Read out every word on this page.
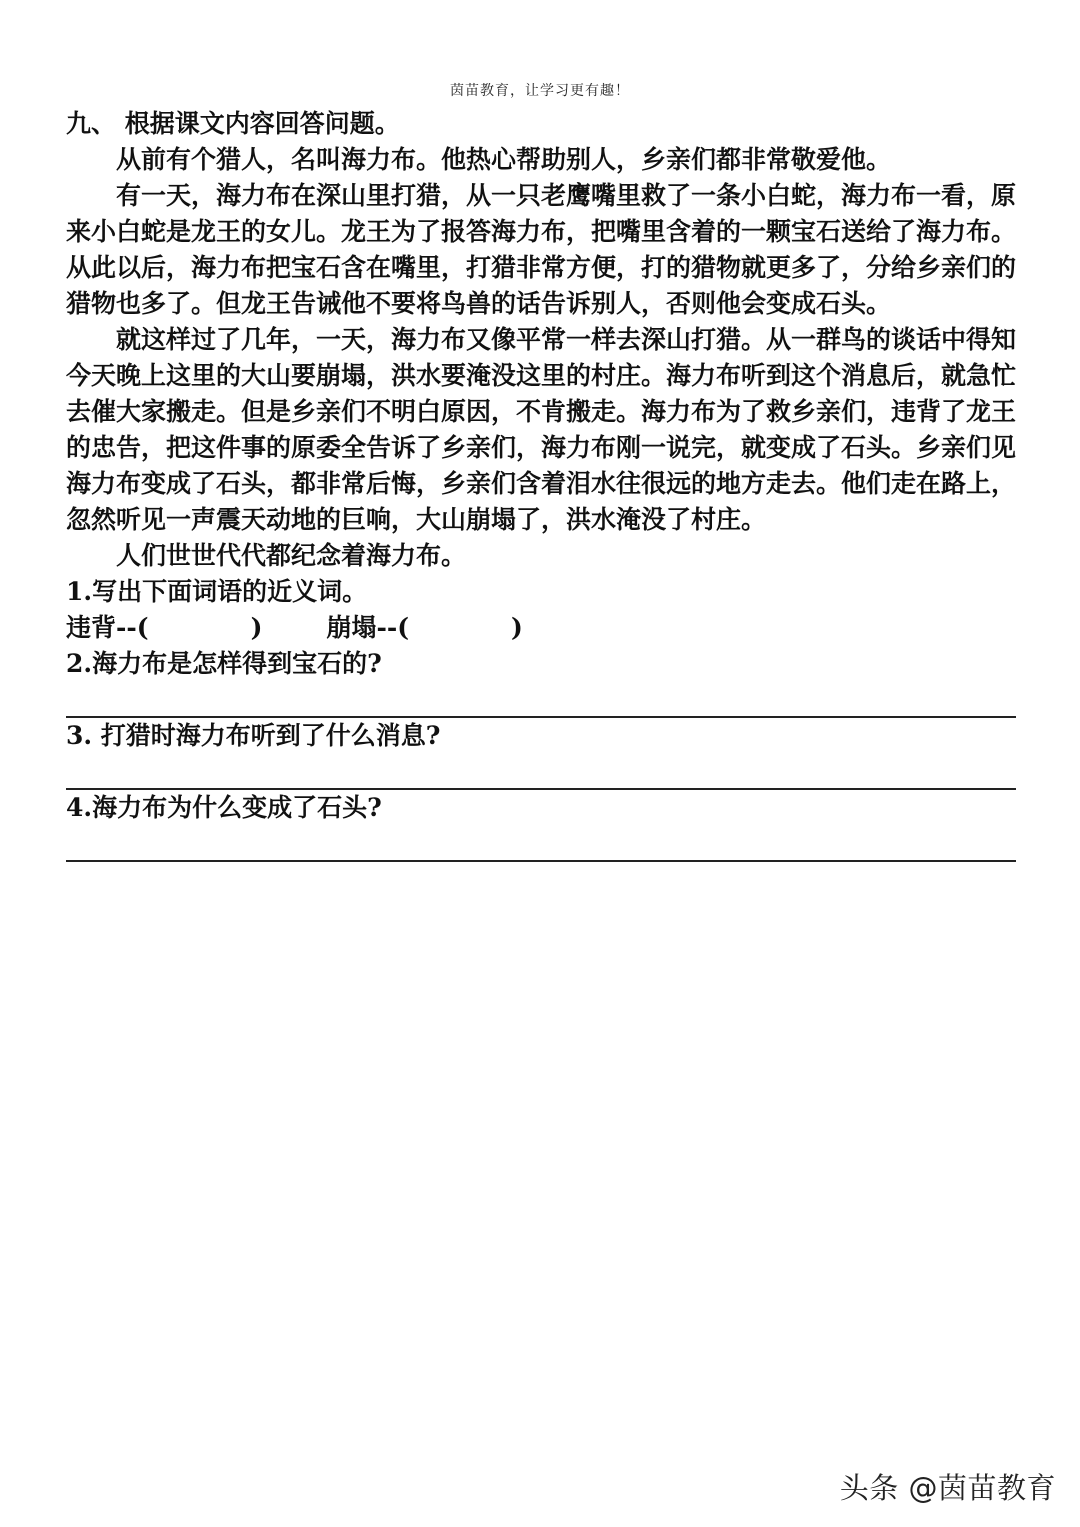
茵苗教育，让学习更有趣！

九、 根据课文内容回答问题。

从前有个猎人，名叫海力布。他热心帮助别人，乡亲们都非常敬爱他。

有一天，海力布在深山里打猎，从一只老鹰嘴里救了一条小白蛇，海力布一看，原来小白蛇是龙王的女儿。龙王为了报答海力布，把嘴里含着的一颗宝石送给了海力布。从此以后，海力布把宝石含在嘴里，打猎非常方便，打的猎物就更多了，分给乡亲们的猎物也多了。但龙王告诫他不要将鸟兽的话告诉别人，否则他会变成石头。

就这样过了几年，一天，海力布又像平常一样去深山打猎。从一群鸟的谈话中得知今天晚上这里的大山要崩塌，洪水要淹没这里的村庄。海力布听到这个消息后，就急忙去催大家搬走。但是乡亲们不明白原因，不肯搬走。海力布为了救乡亲们，违背了龙王的忠告，把这件事的原委全告诉了乡亲们，海力布刚一说完，就变成了石头。乡亲们见海力布变成了石头，都非常后悔，乡亲们含着泪水往很远的地方走去。他们走在路上，忽然听见一声震天动地的巨响，大山崩塌了，洪水淹没了村庄。

人们世世代代都纪念着海力布。

1.写出下面词语的近义词。

违背--(	)	崩塌--(	)

2.海力布是怎样得到宝石的?

3. 打猎时海力布听到了什么消息?

4.海力布为什么变成了石头?

头条 @茵苗教育
